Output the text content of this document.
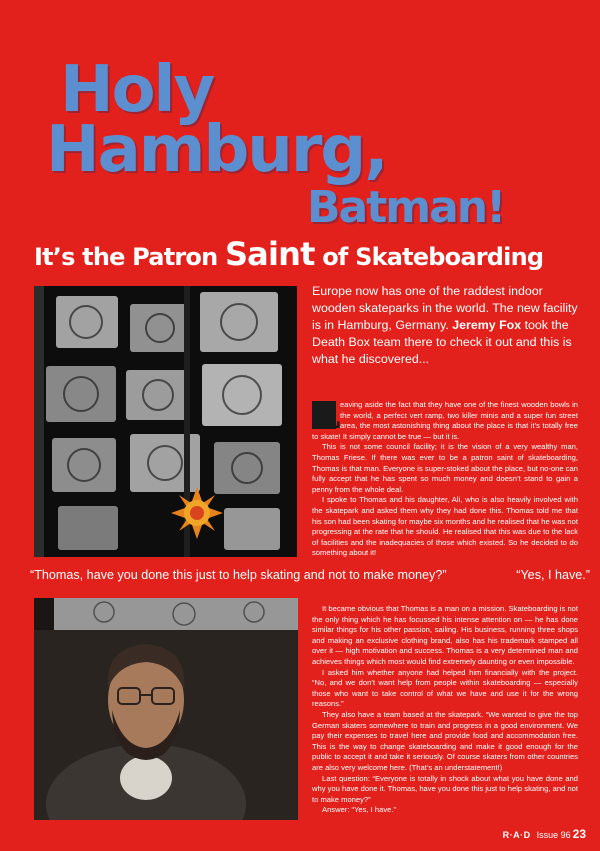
Holy
Hamburg,
Batman!
It’s the Patron Saint of Skateboarding
Europe now has one of the raddest indoor wooden skateparks in the world. The new facility is in Hamburg, Germany. Jeremy Fox took the Death Box team there to check it out and this is what he discovered...

L eaving aside the fact that they have one of the finest wooden bowls in the world, a perfect vert ramp, two killer minis and a super fun street area, the most astonishing thing about the place is that it’s totally free to skate! It simply cannot be true — but it is.

This is not some council facility; it is the vision of a very wealthy man, Thomas Friese. If there was ever to be a patron saint of skateboarding, Thomas is that man. Everyone is super-stoked about the place, but no-one can fully accept that he has spent so much money and doesn’t stand to gain a penny from the whole deal.

I spoke to Thomas and his daughter, Ali, who is also heavily involved with the skatepark and asked them why they had done this. Thomas told me that his son had been skating for maybe six months and he realised that he was not progressing at the rate that he should. He realised that this was due to the lack of facilities and the inadequacies of those which existed. So he decided to do something about it!

“Thomas, have you done this just to help skating and not to make money?”	“Yes, I have.”

It became obvious that Thomas is a man on a mission. Skateboarding is not the only thing which he has focussed his intense attention on — he has done similar things for his other passion, sailing. His business, running three shops and making an exclusive clothing brand, also has his trademark stamped all over it — high motivation and success. Thomas is a very determined man and achieves things which most would find extremely daunting or even impossible.

I asked him whether anyone had helped him financially with the project. “No, and we don’t want help from people within skateboarding — especially those who want to take control of what we have and use it for the wrong reasons.”

They also have a team based at the skatepark. “We wanted to give the top German skaters somewhere to train and progress in a good environment. We pay their expenses to travel here and provide food and accommodation free. This is the way to change skateboarding and make it good enough for the public to accept it and take it seriously. Of course skaters from other countries are also very welcome here. (That’s an understatement!)

Last question: “Everyone is totally in shock about what you have done and why you have done it. Thomas, have you done this just to help skating, and not to make money?”

Answer: “Yes, I have.”

R·A·D Issue 96 23
